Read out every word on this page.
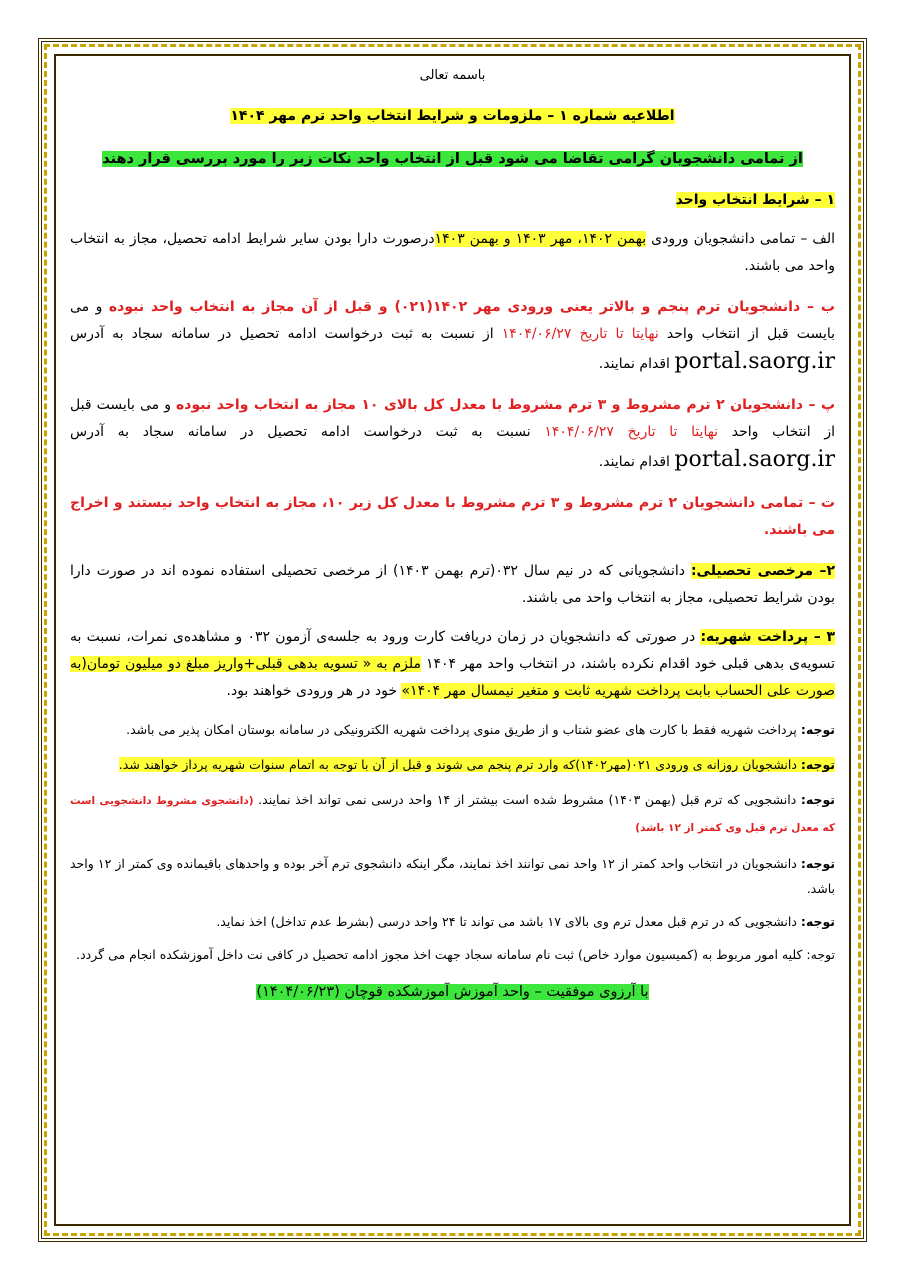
باسمه تعالی

اطلاعیه شماره ۱ – ملزومات و شرایط انتخاب واحد ترم مهر ۱۴۰۴

از تمامی دانشجویان گرامی تقاضا می شود قبل از انتخاب واحد نکات زیر را مورد بررسی قرار دهند

۱ – شرایط انتخاب واحد

الف – تمامی دانشجویان ورودی بهمن ۱۴۰۲، مهر ۱۴۰۳ و بهمن ۱۴۰۳درصورت دارا بودن سایر شرایط ادامه تحصیل، مجاز به انتخاب واحد می باشند.

ب – دانشجویان ترم پنجم و بالاتر یعنی ورودی مهر ۱۴۰۲(۰۲۱) و قبل از آن مجاز به انتخاب واحد نبوده و می بایست قبل از انتخاب واحد نهایتا تا تاریخ ۱۴۰۴/۰۶/۲۷ از نسبت به ثبت درخواست ادامه تحصیل در سامانه سجاد به آدرس portal.saorg.ir اقدام نمایند.

پ – دانشجویان ۲ ترم مشروط و ۳ ترم مشروط با معدل کل بالای ۱۰ مجاز به انتخاب واحد نبوده و می بایست قبل از انتخاب واحد نهایتا تا تاریخ ۱۴۰۴/۰۶/۲۷ نسبت به ثبت درخواست ادامه تحصیل در سامانه سجاد به آدرس portal.saorg.ir اقدام نمایند.

ت – تمامی دانشجویان ۲ ترم مشروط و ۳ ترم مشروط با معدل کل زیر ۱۰، مجاز به انتخاب واحد نیستند و اخراج می باشند.

۲– مرخصی تحصیلی: دانشجویانی که در نیم سال ۰۳۲(ترم بهمن ۱۴۰۳) از مرخصی تحصیلی استفاده نموده اند در صورت دارا بودن شرایط تحصیلی، مجاز به انتخاب واحد می باشند.

۳ – پرداخت شهریه: در صورتی که دانشجویان در زمان دریافت کارت ورود به جلسه‌ی آزمون ۰۳۲ و مشاهده‌ی نمرات، نسبت به تسویه‌ی بدهی قبلی خود اقدام نکرده باشند، در انتخاب واحد مهر ۱۴۰۴ ملزم به « تسویه بدهی قبلی+واریز مبلغ دو میلیون تومان(به صورت علی الحساب بابت پرداخت شهریه ثابت و متغیر نیمسال مهر ۱۴۰۴» خود در هر ورودی خواهند بود.

توجه: پرداخت شهریه فقط با کارت های عضو شتاب و از طریق منوی پرداخت شهریه الکترونیکی در سامانه بوستان امکان پذیر می باشد.

توجه: دانشجویان روزانه ی ورودی ۰۲۱(مهر۱۴۰۲)که وارد ترم پنجم می شوند و قبل از آن با توجه به اتمام سنوات شهریه پرداز خواهند شد.

توجه: دانشجویی که ترم قبل (بهمن ۱۴۰۳) مشروط شده است بیشتر از ۱۴ واحد درسی نمی تواند اخذ نمایند. (دانشجوی مشروط دانشجویی است که معدل ترم قبل وی کمتر از ۱۲ باشد)

توجه: دانشجویان در انتخاب واحد کمتر از ۱۲ واحد نمی توانند اخذ نمایند، مگر اینکه دانشجوی ترم آخر بوده و واحدهای باقیمانده وی کمتر از ۱۲ واحد باشد.

توجه: دانشجویی که در ترم قبل معدل ترم وی بالای ۱۷ باشد می تواند تا ۲۴ واحد درسی (بشرط عدم تداخل) اخذ نماید.

توجه: کلیه امور مربوط به (کمیسیون موارد خاص) ثبت نام سامانه سجاد جهت اخذ مجوز ادامه تحصیل در کافی نت داخل آموزشکده انجام می گردد.

با آرزوی موفقیت – واحد آموزش آموزشکده قوچان (۱۴۰۴/۰۶/۲۳)
